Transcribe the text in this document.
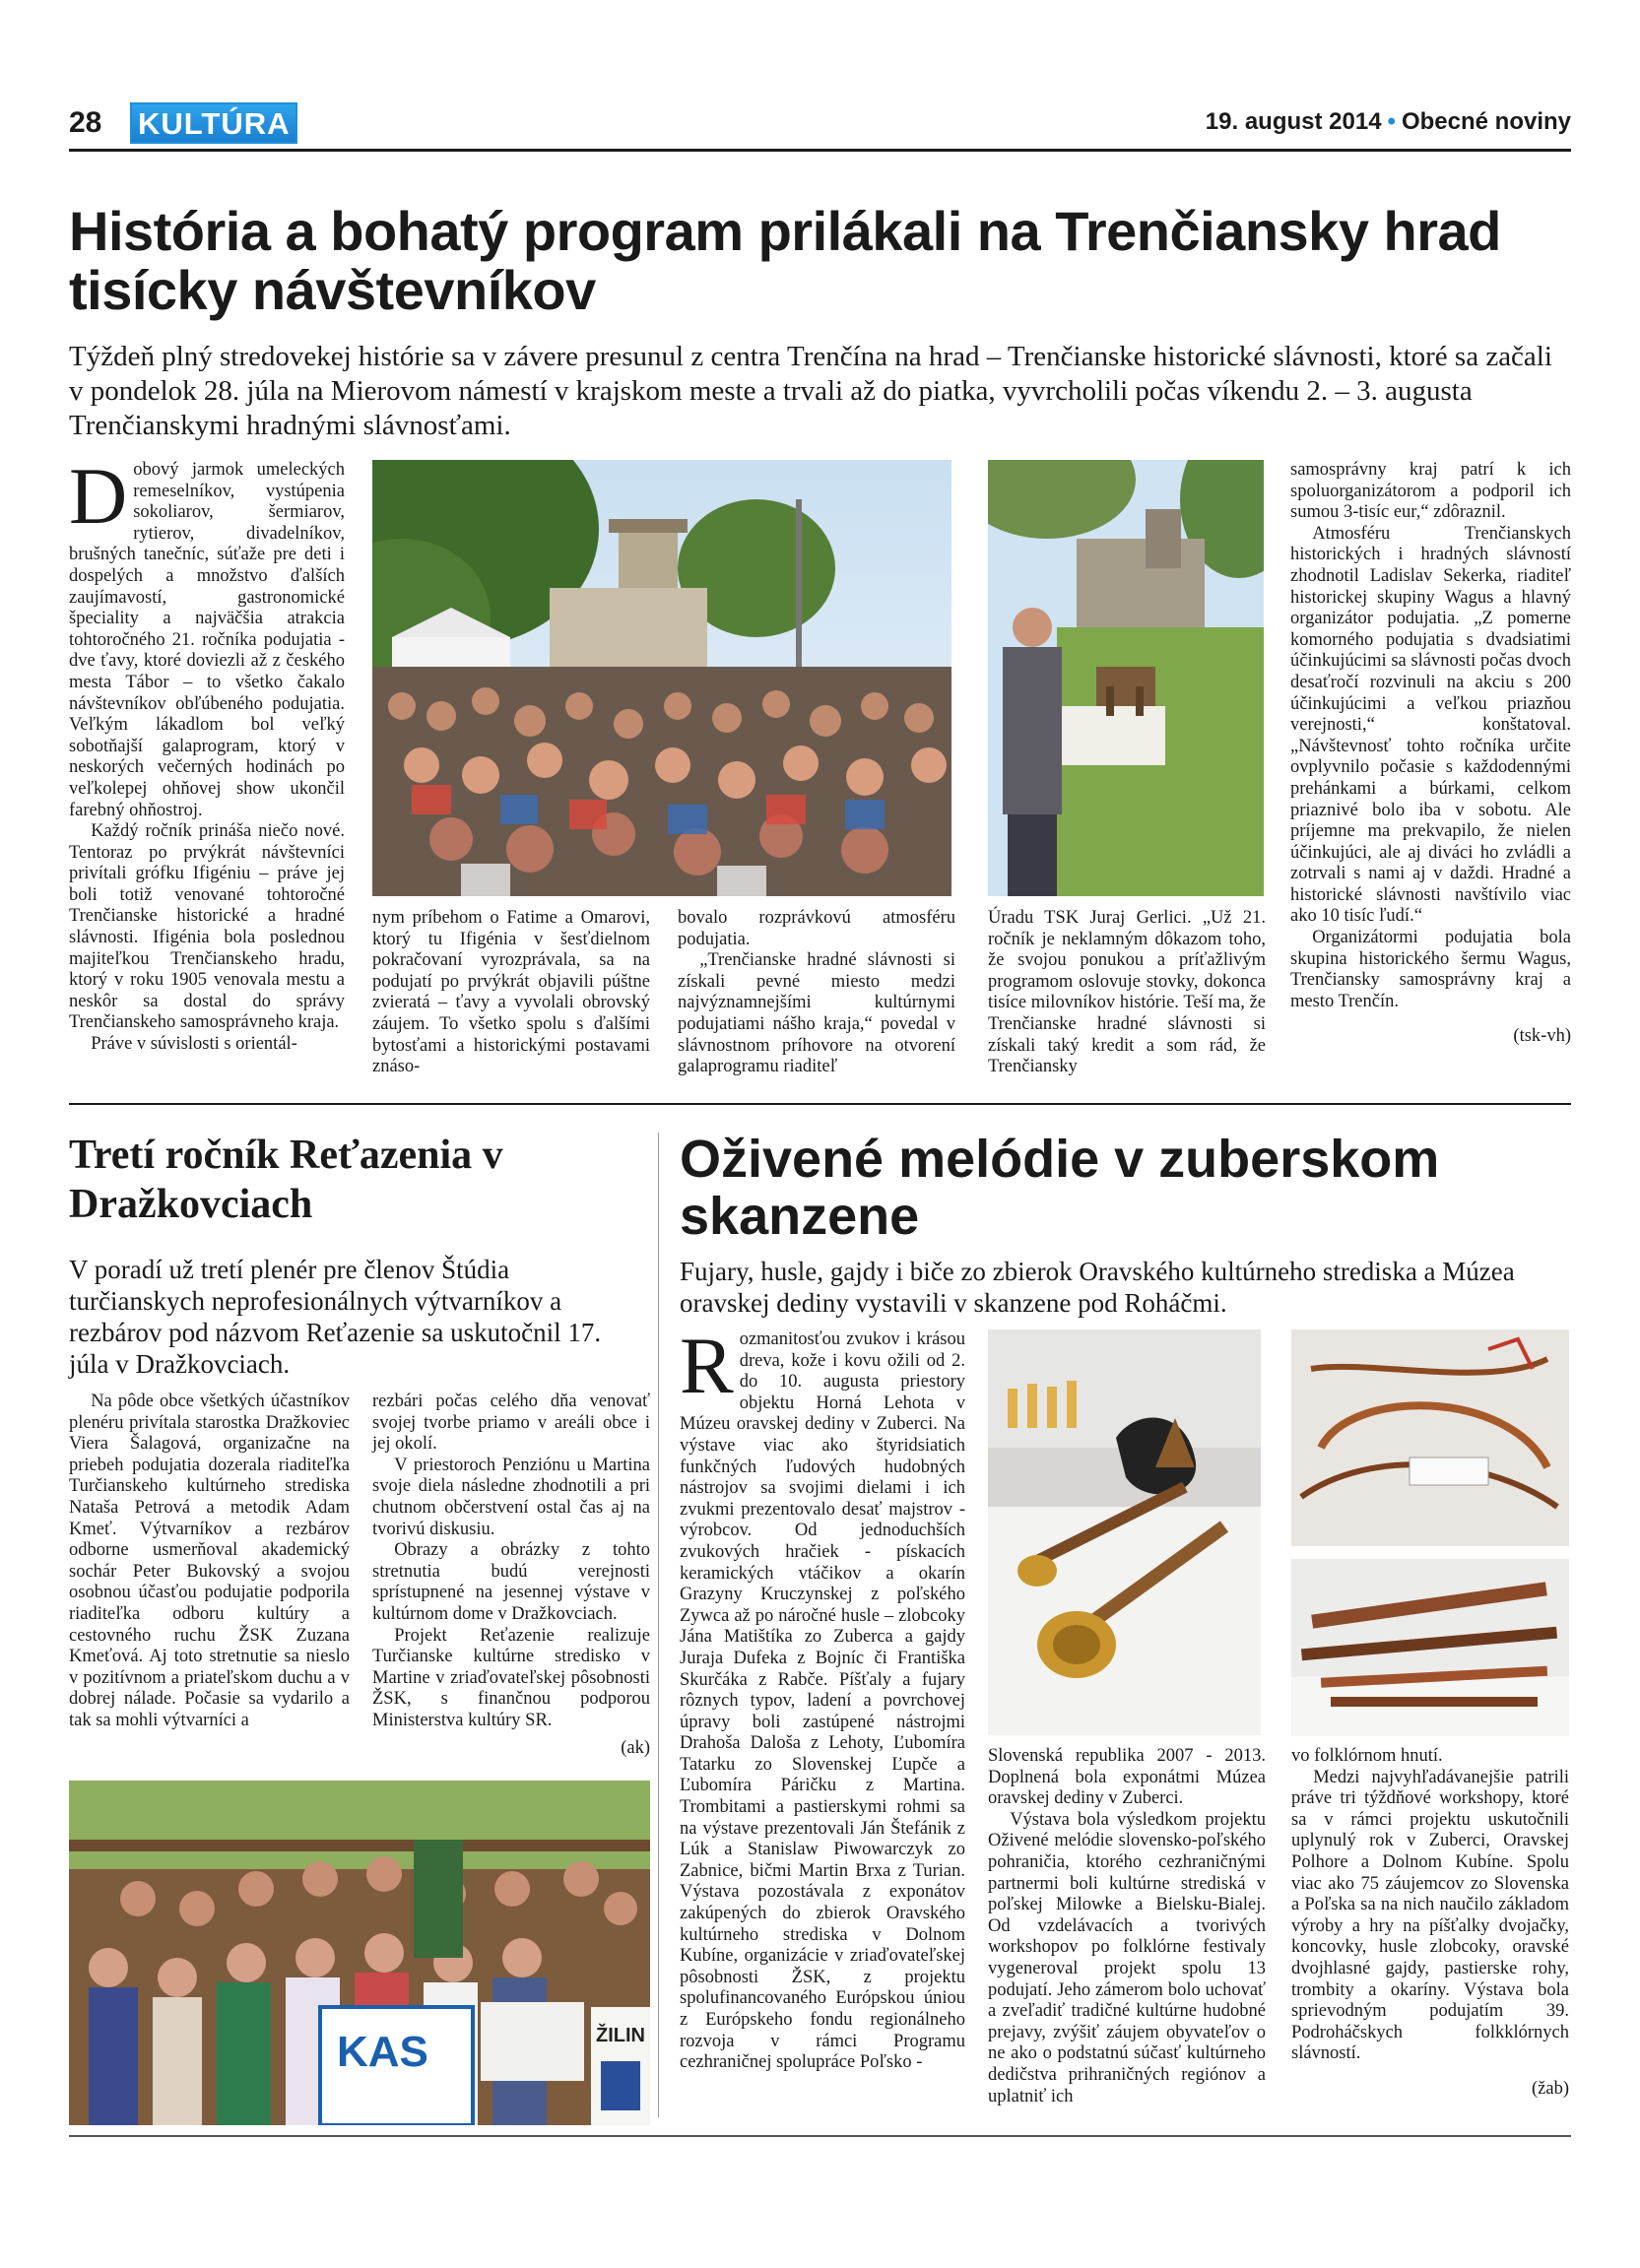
28 KULTÚRA	19. august 2014 • Obecné noviny
História a bohatý program prilákali na Trenčiansky hrad tisícky návštevníkov
Týždeň plný stredovekej histórie sa v závere presunul z centra Trenčína na hrad – Trenčianske historické slávnosti, ktoré sa začali v pondelok 28. júla na Mierovom námestí v krajskom meste a trvali až do piatka, vyvrcholili počas víkendu 2. – 3. augusta Trenčianskymi hradnými slávnosťami.

Dobový jarmok umeleckých remeselníkov, vystúpenia sokoliarov, šermiarov, rytierov, divadelníkov, brušných tanečníc, súťaže pre deti i dospelých a množstvo ďalších zaujímavostí, gastronomické špeciality a najväčšia atrakcia tohtoročného 21. ročníka podujatia - dve ťavy, ktoré doviezli až z českého mesta Tábor – to všetko čakalo návštevníkov obľúbeného podujatia. Veľkým lákadlom bol veľký sobotňajší galaprogram, ktorý v neskorých večerných hodinách po veľkolepej ohňovej show ukončil farebný ohňostroj.

Každý ročník prináša niečo nové. Tentoraz po prvýkrát návštevníci privítali grófku Ifigéniu – práve jej boli totiž venované tohtoročné Trenčianske historické a hradné slávnosti. Ifigénia bola poslednou majiteľkou Trenčianskeho hradu, ktorý v roku 1905 venovala mestu a neskôr sa dostal do správy Trenčianskeho samosprávneho kraja.

Práve v súvislosti s orientál-

nym príbehom o Fatime a Omarovi, ktorý tu Ifigénia v šesťdielnom pokračovaní vyrozprávala, sa na podujatí po prvýkrát objavili púštne zvieratá – ťavy a vyvolali obrovský záujem. To všetko spolu s ďalšími bytosťami a historickými postavami znáso-

bovalo rozprávkovú atmosféru podujatia.

„Trenčianske hradné slávnosti si získali pevné miesto medzi najvýznamnejšími kultúrnymi podujatiami nášho kraja,“ povedal v slávnostnom príhovore na otvorení galaprogramu riaditeľ

Úradu TSK Juraj Gerlici. „Už 21. ročník je neklamným dôkazom toho, že svojou ponukou a príťažlivým programom oslovuje stovky, dokonca tisíce milovníkov histórie. Teší ma, že Trenčianske hradné slávnosti si získali taký kredit a som rád, že Trenčiansky

samosprávny kraj patrí k ich spoluorganizátorom a podporil ich sumou 3-tisíc eur,“ zdôraznil.

Atmosféru Trenčianskych historických i hradných slávností zhodnotil Ladislav Sekerka, riaditeľ historickej skupiny Wagus a hlavný organizátor podujatia. „Z pomerne komorného podujatia s dvadsiatimi účinkujúcimi sa slávnosti počas dvoch desaťročí rozvinuli na akciu s 200 účinkujúcimi a veľkou priazňou verejnosti,“ konštatoval. „Návštevnosť tohto ročníka určite ovplyvnilo počasie s každodennými prehánkami a búrkami, celkom priaznivé bolo iba v sobotu. Ale príjemne ma prekvapilo, že nielen účinkujúci, ale aj diváci ho zvládli a zotrvali s nami aj v daždi. Hradné a historické slávnosti navštívilo viac ako 10 tisíc ľudí.“

Organizátormi podujatia bola skupina historického šermu Wagus, Trenčiansky samosprávny kraj a mesto Trenčín.

(tsk-vh)

Tretí ročník Reťazenia v Dražkovciach
V poradí už tretí plenér pre členov Štúdia turčianskych neprofesionálnych výtvarníkov a rezbárov pod názvom Reťazenie sa uskutočnil 17. júla v Dražkovciach.

Na pôde obce všetkých účastníkov plenéru privítala starostka Dražkoviec Viera Šalagová, organizačne na priebeh podujatia dozerala riaditeľka Turčianskeho kultúrneho strediska Nataša Petrová a metodik Adam Kmeť. Výtvarníkov a rezbárov odborne usmerňoval akademický sochár Peter Bukovský a svojou osobnou účasťou podujatie podporila riaditeľka odboru kultúry a cestovného ruchu ŽSK Zuzana Kmeťová. Aj toto stretnutie sa nieslo v pozitívnom a priateľskom duchu a v dobrej nálade. Počasie sa vydarilo a tak sa mohli výtvarníci a

rezbári počas celého dňa venovať svojej tvorbe priamo v areáli obce i jej okolí.

V priestoroch Penziónu u Martina svoje diela následne zhodnotili a pri chutnom občerstvení ostal čas aj na tvorivú diskusiu.

Obrazy a obrázky z tohto stretnutia budú verejnosti sprístupnené na jesennej výstave v kultúrnom dome v Dražkovciach.

Projekt Reťazenie realizuje Turčianske kultúrne stredisko v Martine v zriaďovateľskej pôsobnosti ŽSK, s finančnou podporou Ministerstva kultúry SR.

(ak)

KAS	ŽILIN
Oživené melódie v zuberskom skanzene
Fujary, husle, gajdy i biče zo zbierok Oravského kultúrneho strediska a Múzea oravskej dediny vystavili v skanzene pod Roháčmi.

Rozmanitosťou zvukov i krásou dreva, kože i kovu ožili od 2. do 10. augusta priestory objektu Horná Lehota v Múzeu oravskej dediny v Zuberci. Na výstave viac ako štyridsiatich funkčných ľudových hudobných nástrojov sa svojimi dielami i ich zvukmi prezentovalo desať majstrov - výrobcov. Od jednoduchších zvukových hračiek - pískacích keramických vtáčikov a okarín Grazyny Kruczynskej z poľského Zywca až po náročné husle – zlobcoky Jána Matištíka zo Zuberca a gajdy Juraja Dufeka z Bojníc či Františka Skurčáka z Rabče. Píšťaly a fujary rôznych typov, ladení a povrchovej úpravy boli zastúpené nástrojmi Drahoša Daloša z Lehoty, Ľubomíra Tatarku zo Slovenskej Ľupče a Ľubomíra Páričku z Martina. Trombitami a pastierskymi rohmi sa na výstave prezentovali Ján Štefánik z Lúk a Stanislaw Piwowarczyk zo Zabnice, bičmi Martin Brxa z Turian. Výstava pozostávala z exponátov zakúpených do zbierok Oravského kultúrneho strediska v Dolnom Kubíne, organizácie v zriaďovateľskej pôsobnosti ŽSK, z projektu spolufinancovaného Európskou úniou z Európskeho fondu regionálneho rozvoja v rámci Programu cezhraničnej spolupráce Poľsko -

Slovenská republika 2007 - 2013. Doplnená bola exponátmi Múzea oravskej dediny v Zuberci.

Výstava bola výsledkom projektu Oživené melódie slovensko-poľského pohraničia, ktorého cezhraničnými partnermi boli kultúrne strediská v poľskej Milowke a Bielsku-Bialej. Od vzdelávacích a tvorivých workshopov po folklórne festivaly vygeneroval projekt spolu 13 podujatí. Jeho zámerom bolo uchovať a zveľadiť tradičné kultúrne hudobné prejavy, zvýšiť záujem obyvateľov o ne ako o podstatnú súčasť kultúrneho dedičstva prihraničných regiónov a uplatniť ich

vo folklórnom hnutí.

Medzi najvyhľadávanejšie patrili práve tri týždňové workshopy, ktoré sa v rámci projektu uskutočnili uplynulý rok v Zuberci, Oravskej Polhore a Dolnom Kubíne. Spolu viac ako 75 záujemcov zo Slovenska a Poľska sa na nich naučilo základom výroby a hry na píšťalky dvojačky, koncovky, husle zlobcoky, oravské dvojhlasné gajdy, pastierske rohy, trombity a okaríny. Výstava bola sprievodným podujatím 39. Podroháčskych folkklórnych slávností.

(žab)
